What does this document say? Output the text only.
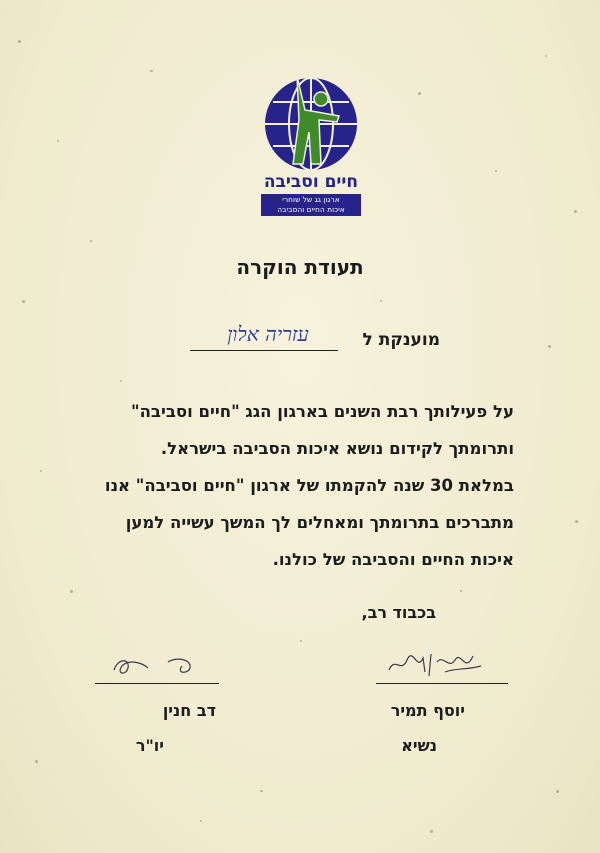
חיים וסביבה
ארגון גג של שוחרי
איכות החיים והסביבה
תעודת הוקרה
מוענקת ל
עזריה אלון
על פעילותך רבת השנים בארגון הגג "חיים וסביבה"
ותרומתך לקידום נושא איכות הסביבה בישראל.
במלאת 30 שנה להקמתו של ארגון "חיים וסביבה" אנו
מתברכים בתרומתך ומאחלים לך המשך עשייה למען
איכות החיים והסביבה של כולנו.
בכבוד רב,
יוסף תמיר
נשיא
דב חנין
יו"ר
